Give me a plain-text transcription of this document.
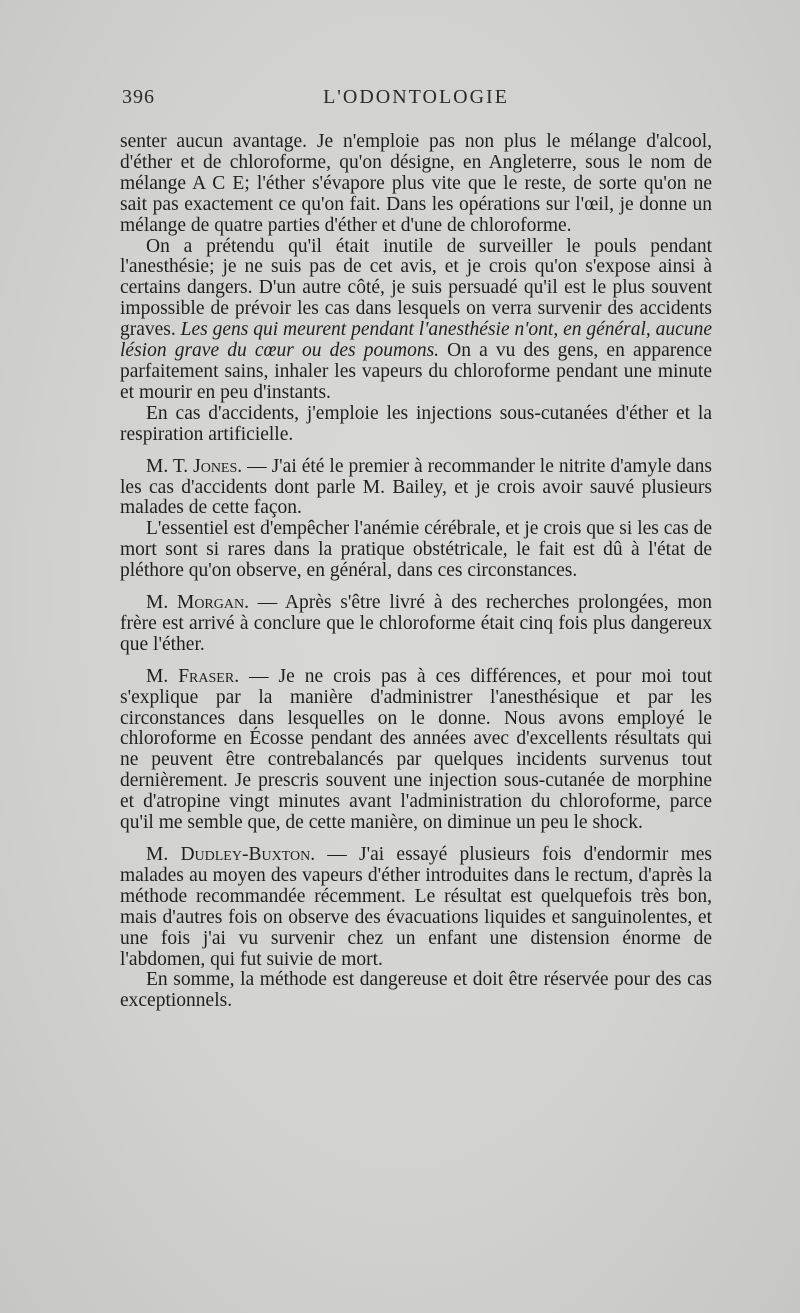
396	L'ODONTOLOGIE

senter aucun avantage. Je n'emploie pas non plus le mélange d'alcool, d'éther et de chloroforme, qu'on désigne, en Angleterre, sous le nom de mélange A C E; l'éther s'évapore plus vite que le reste, de sorte qu'on ne sait pas exactement ce qu'on fait. Dans les opérations sur l'œil, je donne un mélange de quatre parties d'éther et d'une de chloroforme.

On a prétendu qu'il était inutile de surveiller le pouls pendant l'anesthésie; je ne suis pas de cet avis, et je crois qu'on s'expose ainsi à certains dangers. D'un autre côté, je suis persuadé qu'il est le plus souvent impossible de prévoir les cas dans lesquels on verra survenir des accidents graves. Les gens qui meurent pendant l'anesthésie n'ont, en général, aucune lésion grave du cœur ou des poumons. On a vu des gens, en apparence parfaitement sains, inhaler les vapeurs du chloroforme pendant une minute et mourir en peu d'instants.

En cas d'accidents, j'emploie les injections sous-cutanées d'éther et la respiration artificielle.

M. T. Jones. — J'ai été le premier à recommander le nitrite d'amyle dans les cas d'accidents dont parle M. Bailey, et je crois avoir sauvé plusieurs malades de cette façon.

L'essentiel est d'empêcher l'anémie cérébrale, et je crois que si les cas de mort sont si rares dans la pratique obstétricale, le fait est dû à l'état de pléthore qu'on observe, en général, dans ces circonstances.

M. Morgan. — Après s'être livré à des recherches prolongées, mon frère est arrivé à conclure que le chloroforme était cinq fois plus dangereux que l'éther.

M. Fraser. — Je ne crois pas à ces différences, et pour moi tout s'explique par la manière d'administrer l'anesthésique et par les circonstances dans lesquelles on le donne. Nous avons employé le chloroforme en Écosse pendant des années avec d'excellents résultats qui ne peuvent être contrebalancés par quelques incidents survenus tout dernièrement. Je prescris souvent une injection sous-cutanée de morphine et d'atropine vingt minutes avant l'administration du chloroforme, parce qu'il me semble que, de cette manière, on diminue un peu le shock.

M. Dudley-Buxton. — J'ai essayé plusieurs fois d'endormir mes malades au moyen des vapeurs d'éther introduites dans le rectum, d'après la méthode recommandée récemment. Le résultat est quelquefois très bon, mais d'autres fois on observe des évacuations liquides et sanguinolentes, et une fois j'ai vu survenir chez un enfant une distension énorme de l'abdomen, qui fut suivie de mort.

En somme, la méthode est dangereuse et doit être réservée pour des cas exceptionnels.
